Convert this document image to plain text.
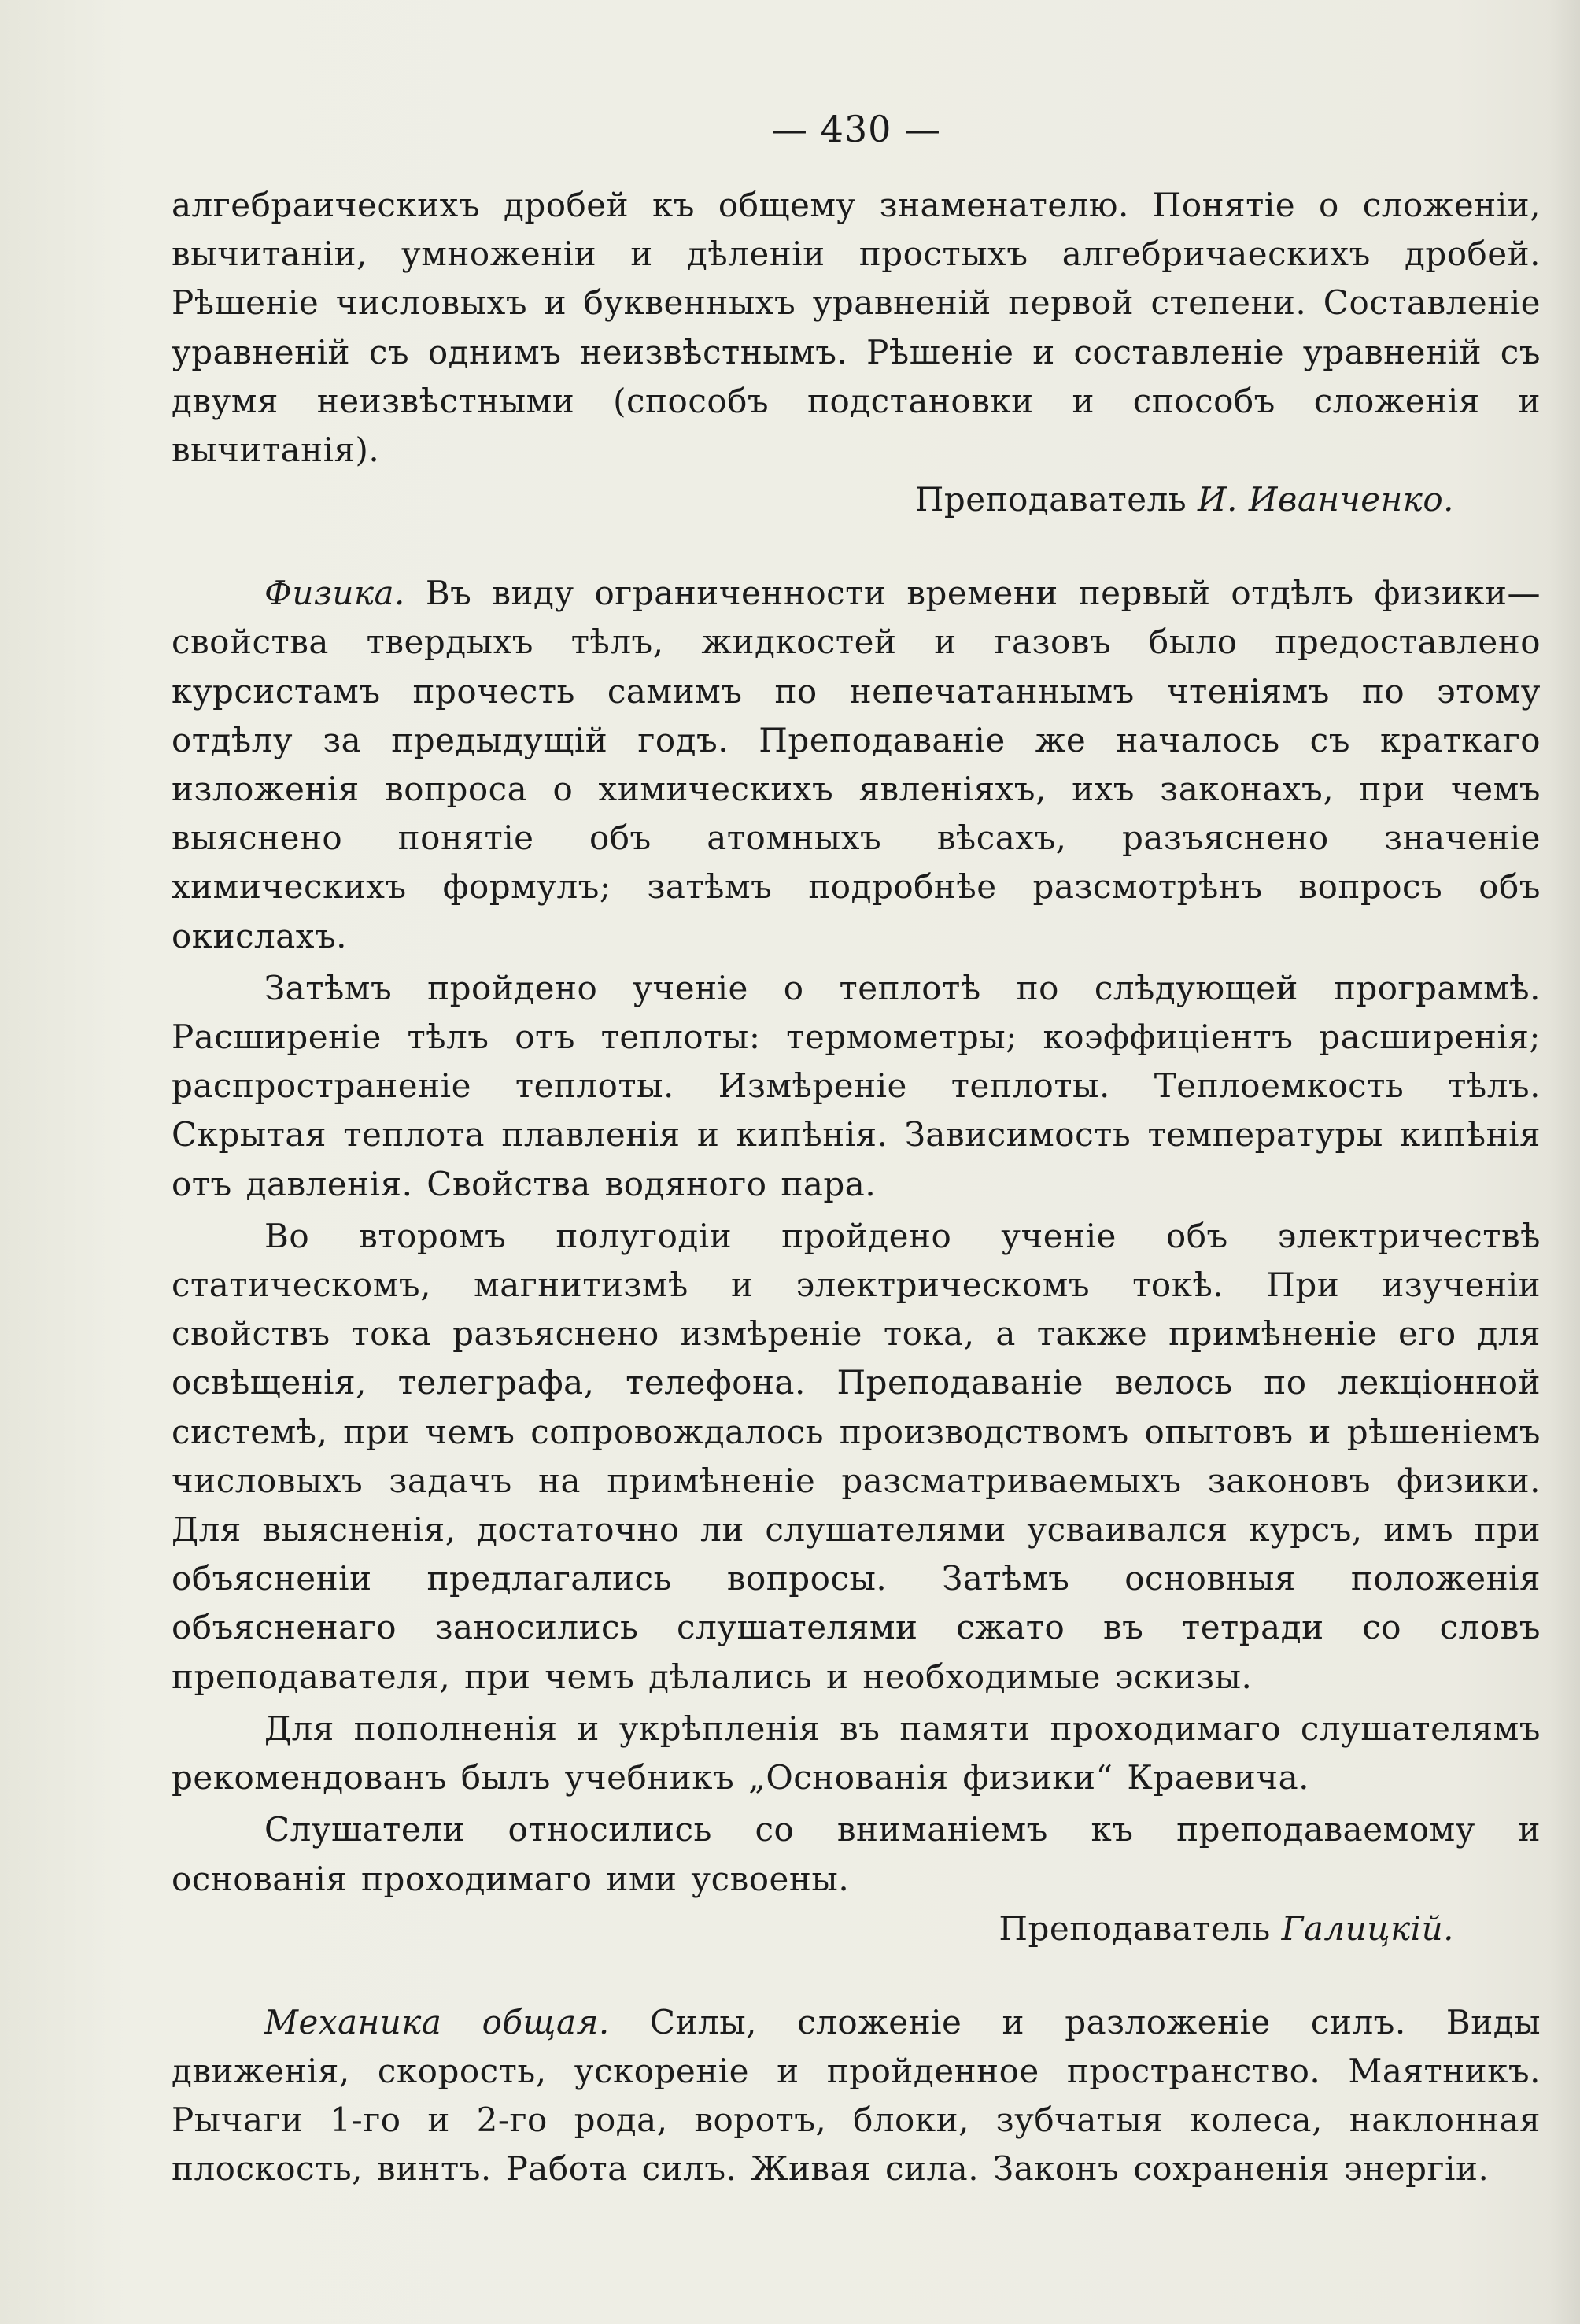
— 430 —

алгебраическихъ дробей къ общему знаменателю. Понятіе о сложеніи, вычитаніи, умноженіи и дѣленіи простыхъ алгебричаескихъ дробей. Рѣшеніе числовыхъ и буквенныхъ уравненій первой степени. Составленіе уравненій съ однимъ неизвѣстнымъ. Рѣшеніе и составленіе уравненій съ двумя неизвѣстными (способъ подстановки и способъ сложенія и вычитанія).

Преподаватель И. Иванченко.

Физика. Въ виду ограниченности времени первый отдѣлъ физики—свойства твердыхъ тѣлъ, жидкостей и газовъ было предоставлено курсистамъ прочесть самимъ по непечатаннымъ чтеніямъ по этому отдѣлу за предыдущій годъ. Преподаваніе же началось съ краткаго изложенія вопроса о химическихъ явленіяхъ, ихъ законахъ, при чемъ выяснено понятіе объ атомныхъ вѣсахъ, разъяснено значеніе химическихъ формулъ; затѣмъ подробнѣе разсмотрѣнъ вопросъ объ окислахъ.

Затѣмъ пройдено ученіе о теплотѣ по слѣдующей программѣ. Расширеніе тѣлъ отъ теплоты: термометры; коэффиціентъ расширенія; распространеніе теплоты. Измѣреніе теплоты. Теплоемкость тѣлъ. Скрытая теплота плавленія и кипѣнія. Зависимость температуры кипѣнія отъ давленія. Свойства водяного пара.

Во второмъ полугодіи пройдено ученіе объ электричествѣ статическомъ, магнитизмѣ и электрическомъ токѣ. При изученіи свойствъ тока разъяснено измѣреніе тока, а также примѣненіе его для освѣщенія, телеграфа, телефона. Преподаваніе велось по лекціонной системѣ, при чемъ сопровождалось производствомъ опытовъ и рѣшеніемъ числовыхъ задачъ на примѣненіе разсматриваемыхъ законовъ физики. Для выясненія, достаточно ли слушателями усваивался курсъ, имъ при объясненіи предлагались вопросы. Затѣмъ основныя положенія объясненаго заносились слушателями сжато въ тетради со словъ преподавателя, при чемъ дѣлались и необходимые эскизы.

Для пополненія и укрѣпленія въ памяти проходимаго слушателямъ рекомендованъ былъ учебникъ „Основанія физики“ Краевича.

Слушатели относились со вниманіемъ къ преподаваемому и основанія проходимаго ими усвоены.

Преподаватель Галицкій.

Механика общая. Силы, сложеніе и разложеніе силъ. Виды движенія, скорость, ускореніе и пройденное пространство. Маятникъ. Рычаги 1-го и 2-го рода, воротъ, блоки, зубчатыя колеса, наклонная плоскость, винтъ. Работа силъ. Живая сила. Законъ сохраненія энергіи.
